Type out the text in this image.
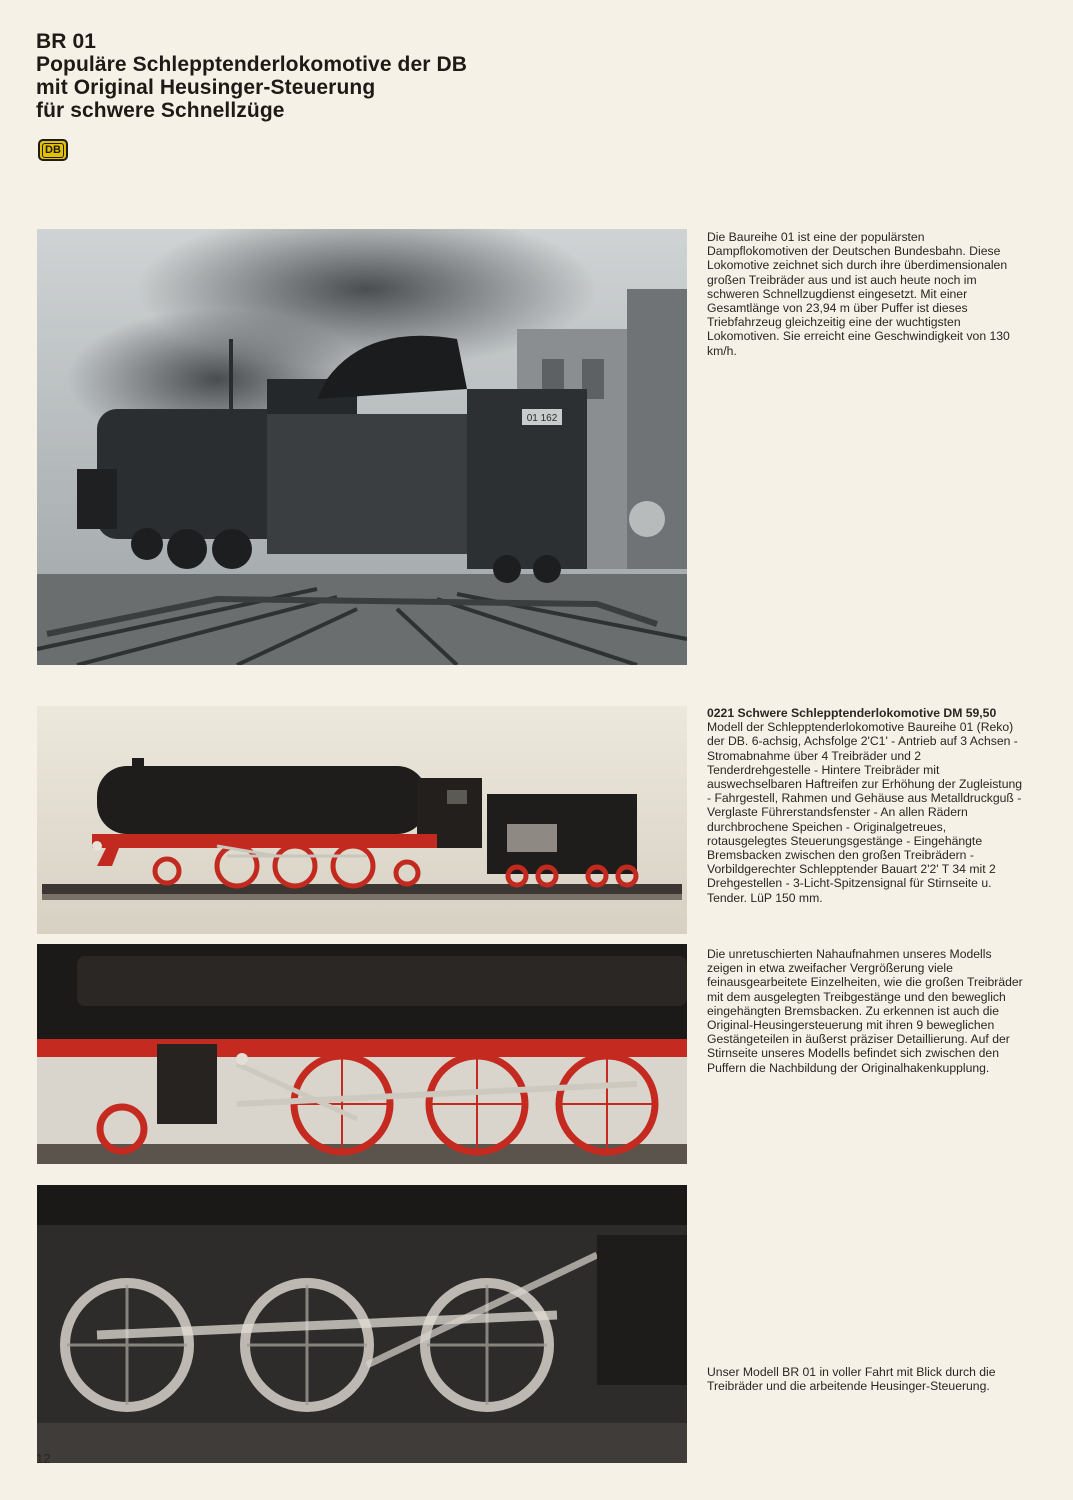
BR 01
Populäre Schlepptenderlokomotive der DB
mit Original Heusinger-Steuerung
für schwere Schnellzüge
DB
01 162
Die Baureihe 01 ist eine der populärsten Dampflokomotiven der Deutschen Bundesbahn. Diese Lokomotive zeichnet sich durch ihre überdimensionalen großen Treibräder aus und ist auch heute noch im schweren Schnellzugdienst eingesetzt. Mit einer Gesamtlänge von 23,94 m über Puffer ist dieses Triebfahrzeug gleichzeitig eine der wuchtigsten Lokomotiven. Sie erreicht eine Geschwindigkeit von 130 km/h.

0221 Schwere Schlepptenderlokomotive DM 59,50

Modell der Schlepptenderlokomotive Baureihe 01 (Reko) der DB. 6-achsig, Achsfolge 2'C1' - Antrieb auf 3 Achsen - Stromabnahme über 4 Treibräder und 2 Tenderdrehgestelle - Hintere Treibräder mit auswechselbaren Haftreifen zur Erhöhung der Zugleistung - Fahrgestell, Rahmen und Gehäuse aus Metalldruckguß - Verglaste Führerstandsfenster - An allen Rädern durchbrochene Speichen - Originalgetreues, rotausgelegtes Steuerungsgestänge - Eingehängte Bremsbacken zwischen den großen Treibrädern - Vorbildgerechter Schlepptender Bauart 2'2' T 34 mit 2 Drehgestellen - 3-Licht-Spitzensignal für Stirnseite u. Tender. LüP 150 mm.

Die unretuschierten Nahaufnahmen unseres Modells zeigen in etwa zweifacher Vergrößerung viele feinausgearbeitete Einzelheiten, wie die großen Treibräder mit dem ausgelegten Treibgestänge und den beweglich eingehängten Bremsbacken. Zu erkennen ist auch die Original-Heusingersteuerung mit ihren 9 beweglichen Gestängeteilen in äußerst präziser Detaillierung. Auf der Stirnseite unseres Modells befindet sich zwischen den Puffern die Nachbildung der Originalhakenkupplung.
Unser Modell BR 01 in voller Fahrt mit Blick durch die Treibräder und die arbeitende Heusinger-Steuerung.
12
